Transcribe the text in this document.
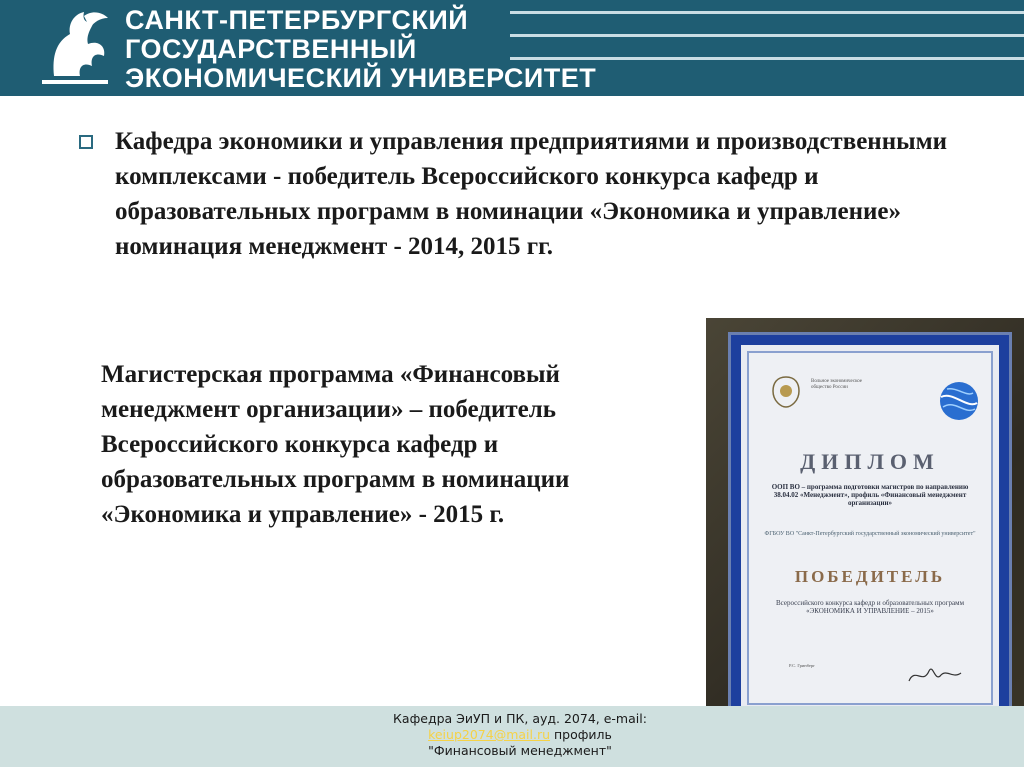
САНКТ-ПЕТЕРБУРГСКИЙ
ГОСУДАРСТВЕННЫЙ
ЭКОНОМИЧЕСКИЙ УНИВЕРСИТЕТ
Кафедра экономики и управления предприятиями и производственными комплексами - победитель Всероссийского конкурса кафедр и образовательных программ в номинации «Экономика и управление» номинация менеджмент - 2014, 2015 гг.
Магистерская программа «Финансовый менеджмент организации» – победитель Всероссийского конкурса кафедр и образовательных программ в номинации «Экономика и управление» - 2015 г.
Вольное экономическое общество России
ДИПЛОМ
ООП ВО – программа подготовки магистров по направлению 38.04.02 «Менеджмент», профиль «Финансовый менеджмент организации»
ФГБОУ ВО "Санкт-Петербургский государственный экономический университет"
ПОБЕДИТЕЛЬ
Всероссийского конкурса кафедр и образовательных программ «ЭКОНОМИКА И УПРАВЛЕНИЕ – 2015»
Р.С. Гринберг
Кафедра ЭиУП и ПК, ауд. 2074, e-mail:
keiup2074@mail.ru профиль
"Финансовый менеджмент"
